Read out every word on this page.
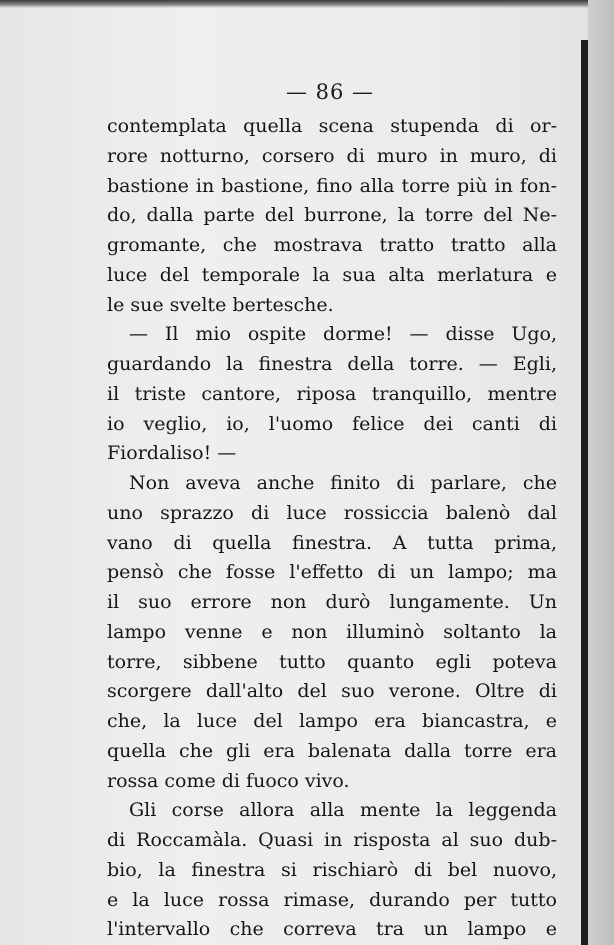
— 86 —
contemplata quella scena stupenda di or-
rore notturno, corsero di muro in muro, di
bastione in bastione, fino alla torre più in fon-
do, dalla parte del burrone, la torre del Ne-
gromante, che mostrava tratto tratto alla
luce del temporale la sua alta merlatura e
le sue svelte bertesche.
— Il mio ospite dorme! — disse Ugo,
guardando la finestra della torre. — Egli,
il triste cantore, riposa tranquillo, mentre
io veglio, io, l'uomo felice dei canti di
Fiordaliso! —
Non aveva anche finito di parlare, che
uno sprazzo di luce rossiccia balenò dal
vano di quella finestra. A tutta prima,
pensò che fosse l'effetto di un lampo; ma
il suo errore non durò lungamente. Un
lampo venne e non illuminò soltanto la
torre, sibbene tutto quanto egli poteva
scorgere dall'alto del suo verone. Oltre di
che, la luce del lampo era biancastra, e
quella che gli era balenata dalla torre era
rossa come di fuoco vivo.
Gli corse allora alla mente la leggenda
di Roccamàla. Quasi in risposta al suo dub-
bio, la finestra si rischiarò di bel nuovo,
e la luce rossa rimase, durando per tutto
l'intervallo che correva tra un lampo e
